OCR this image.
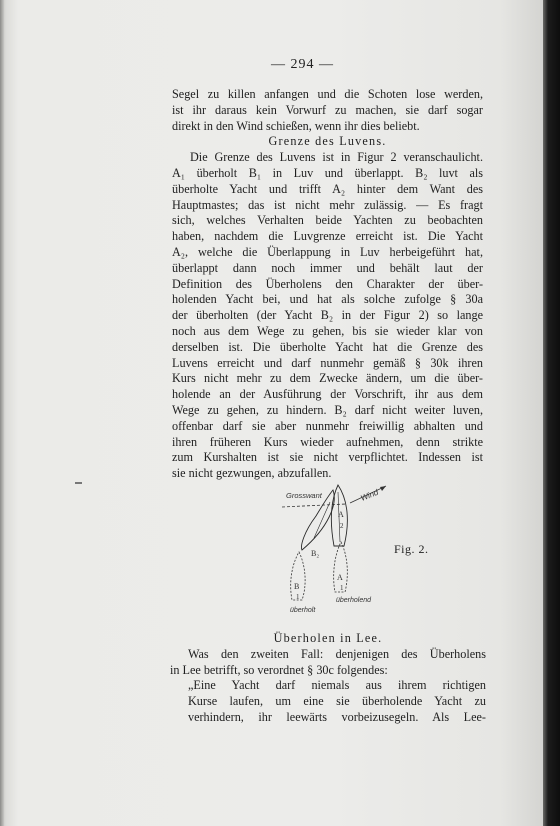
— 294 —
Segel zu killen anfangen und die Schoten lose werden,
ist ihr daraus kein Vorwurf zu machen, sie darf sogar
direkt in den Wind schießen, wenn ihr dies beliebt.
Grenze des Luvens.
Die Grenze des Luvens ist in Figur 2 veranschaulicht.
A₁ überholt B₁ in Luv und überlappt. B₂ luvt als
überholte Yacht und trifft A₂ hinter dem Want des
Hauptmastes; das ist nicht mehr zulässig. — Es fragt
sich, welches Verhalten beide Yachten zu beobachten
haben, nachdem die Luvgrenze erreicht ist. Die Yacht
A₂, welche die Überlappung in Luv herbeigeführt hat,
überlappt dann noch immer und behält laut der
Definition des Überholens den Charakter der über-
holenden Yacht bei, und hat als solche zufolge § 30a
der überholten (der Yacht B₂ in der Figur 2) so lange
noch aus dem Wege zu gehen, bis sie wieder klar von
derselben ist. Die überholte Yacht hat die Grenze des
Luvens erreicht und darf nunmehr gemäß § 30k ihren
Kurs nicht mehr zu dem Zwecke ändern, um die über-
holende an der Ausführung der Vorschrift, ihr aus dem
Wege zu gehen, zu hindern. B₂ darf nicht weiter luven,
offenbar darf sie aber nunmehr freiwillig abhalten und
ihren früheren Kurs wieder aufnehmen, denn strikte
zum Kurshalten ist sie nicht verpflichtet. Indessen ist
sie nicht gezwungen, abzufallen.
Grosswant	Wind
B₂
A
2
B
1
überholt
A
1
überholend
Fig. 2.
Überholen in Lee.
Was den zweiten Fall: denjenigen des Überholens
in Lee betrifft, so verordnet § 30c folgendes:
„Eine Yacht darf niemals aus ihrem richtigen
Kurse laufen, um eine sie überholende Yacht zu
verhindern, ihr leewärts vorbeizusegeln. Als Lee-
